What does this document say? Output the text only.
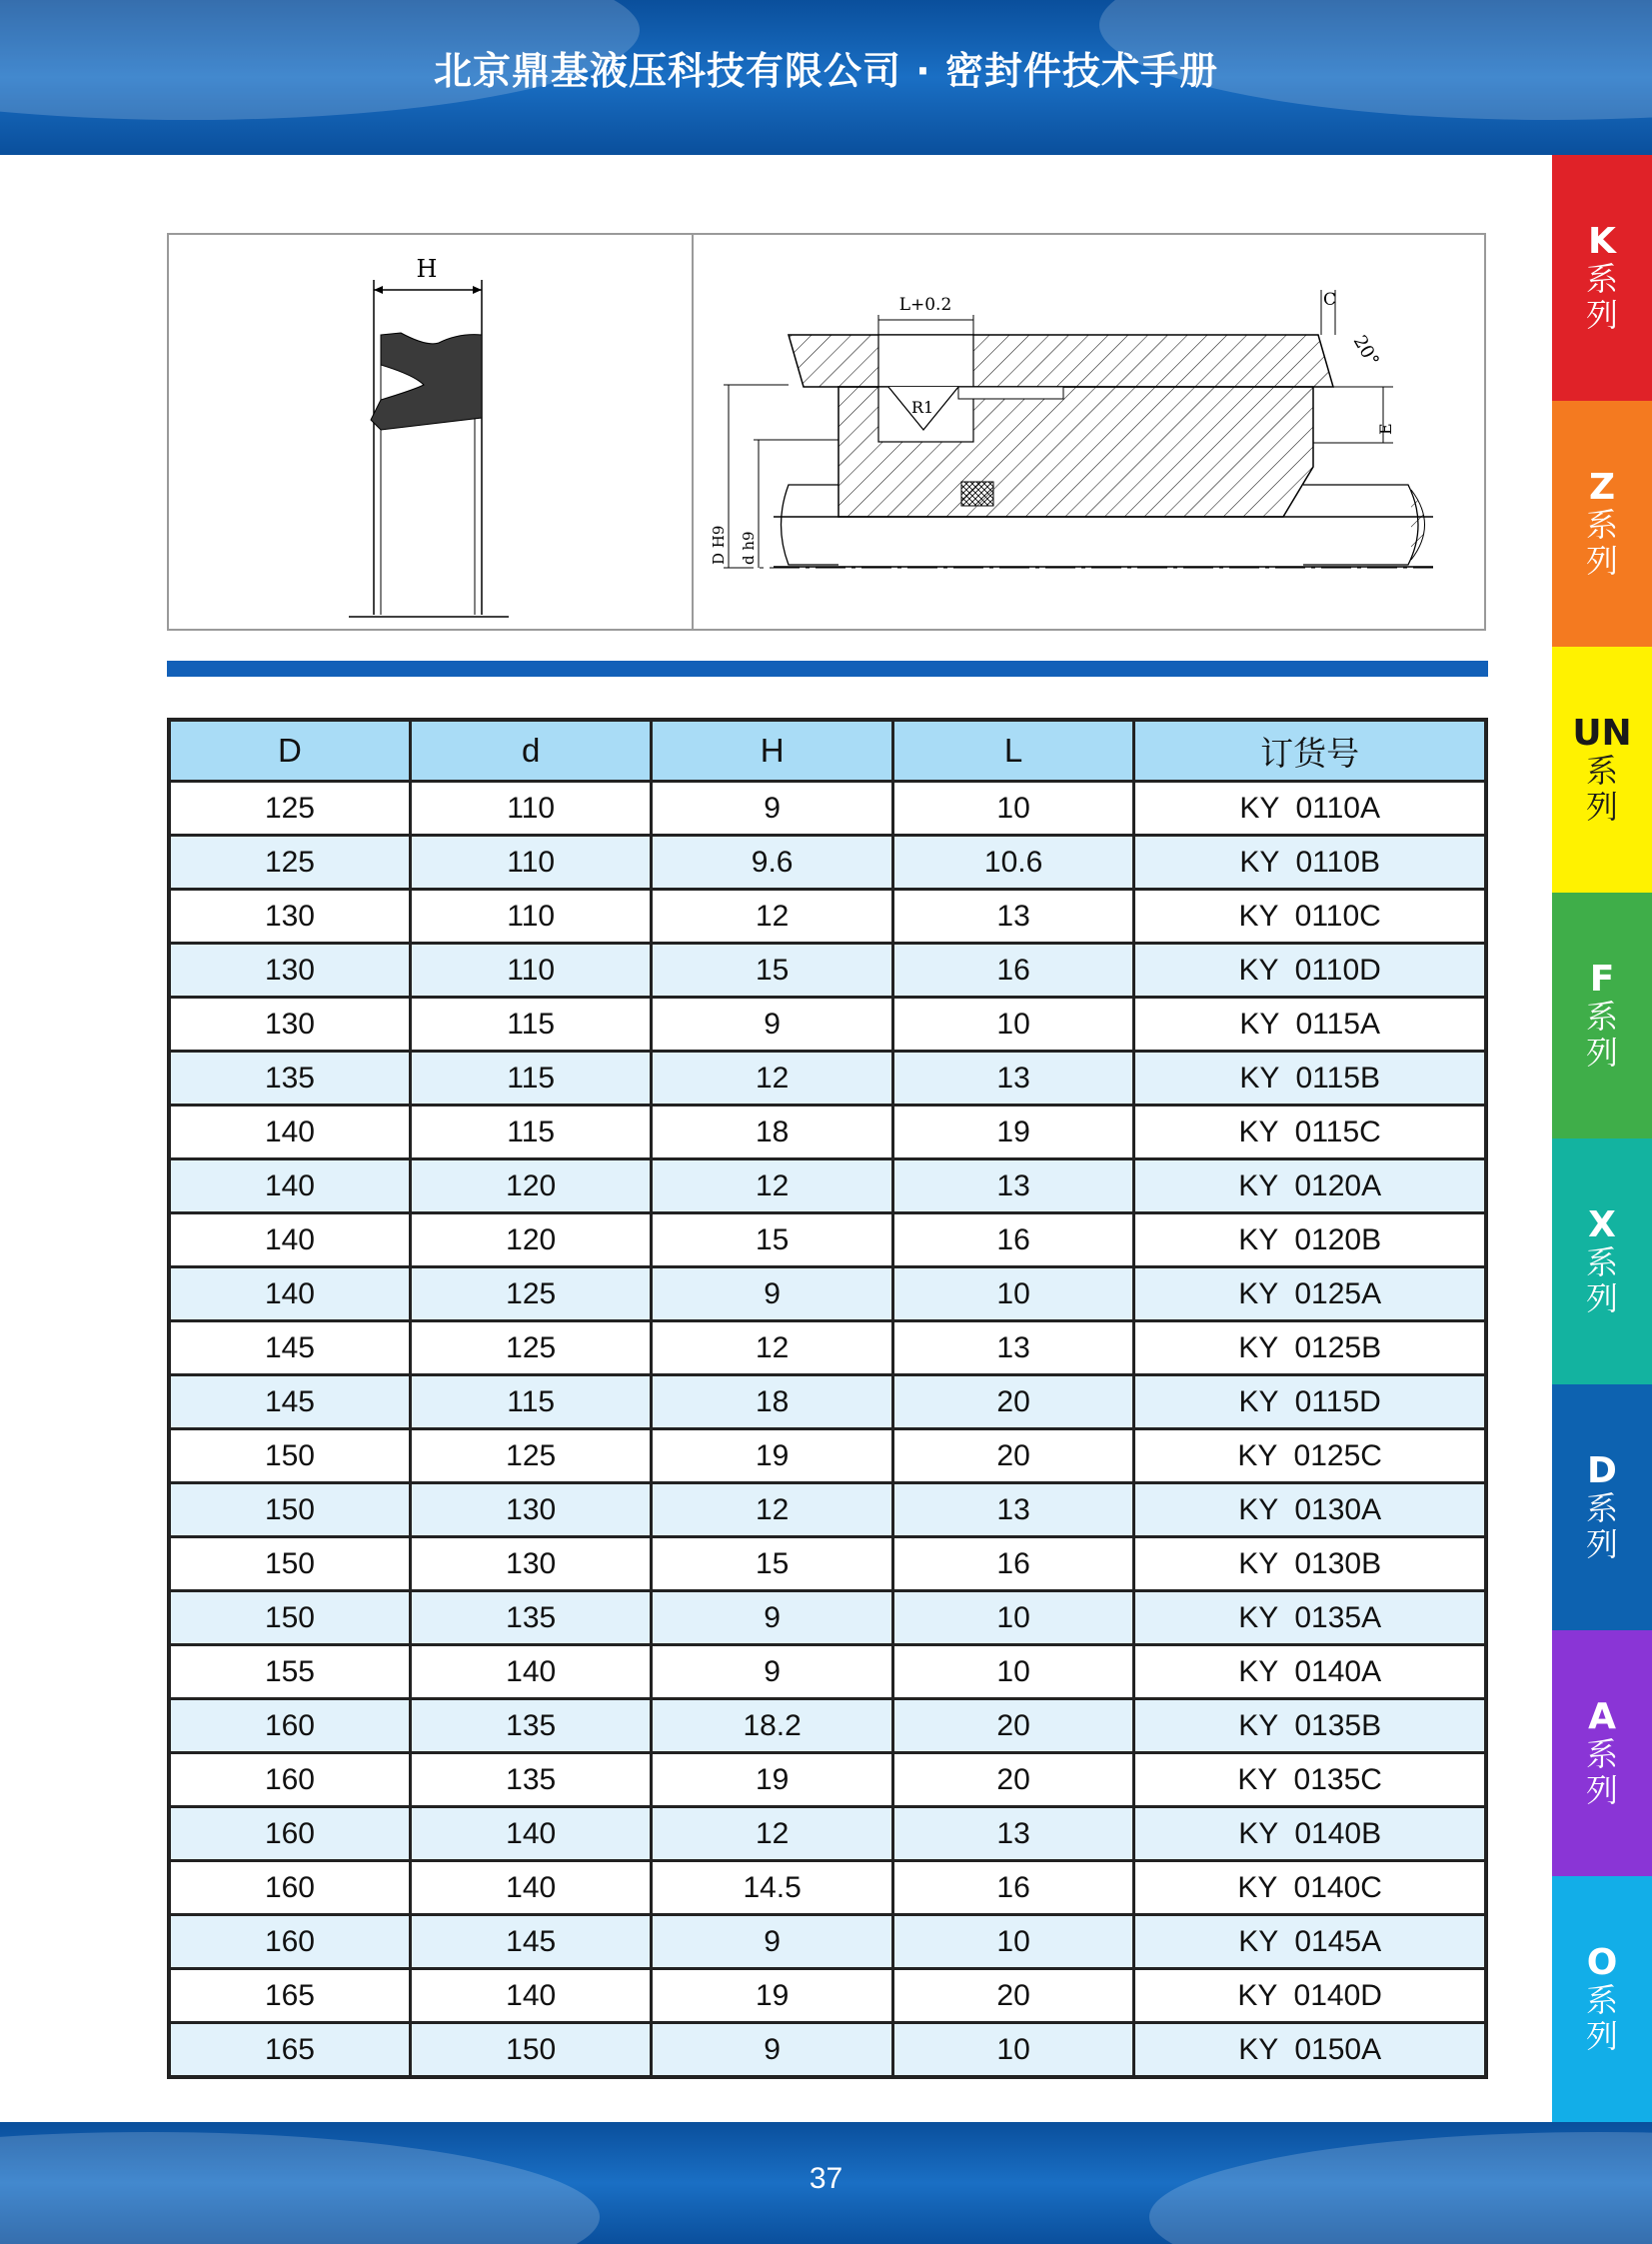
北京鼎基液压科技有限公司 · 密封件技术手册
K
系
列
Z
系
列
UN
系
列
F
系
列
X
系
列
D
系
列
A
系
列
O
系
列
H
L+0.2
R1
C
20°
E
D H9 d h9
D	d	H	L	订货号
125	110	9	10	KY  0110A
125	110	9.6	10.6	KY  0110B
130	110	12	13	KY  0110C
130	110	15	16	KY  0110D
130	115	9	10	KY  0115A
135	115	12	13	KY  0115B
140	115	18	19	KY  0115C
140	120	12	13	KY  0120A
140	120	15	16	KY  0120B
140	125	9	10	KY  0125A
145	125	12	13	KY  0125B
145	115	18	20	KY  0115D
150	125	19	20	KY  0125C
150	130	12	13	KY  0130A
150	130	15	16	KY  0130B
150	135	9	10	KY  0135A
155	140	9	10	KY  0140A
160	135	18.2	20	KY  0135B
160	135	19	20	KY  0135C
160	140	12	13	KY  0140B
160	140	14.5	16	KY  0140C
160	145	9	10	KY  0145A
165	140	19	20	KY  0140D
165	150	9	10	KY  0150A
37
